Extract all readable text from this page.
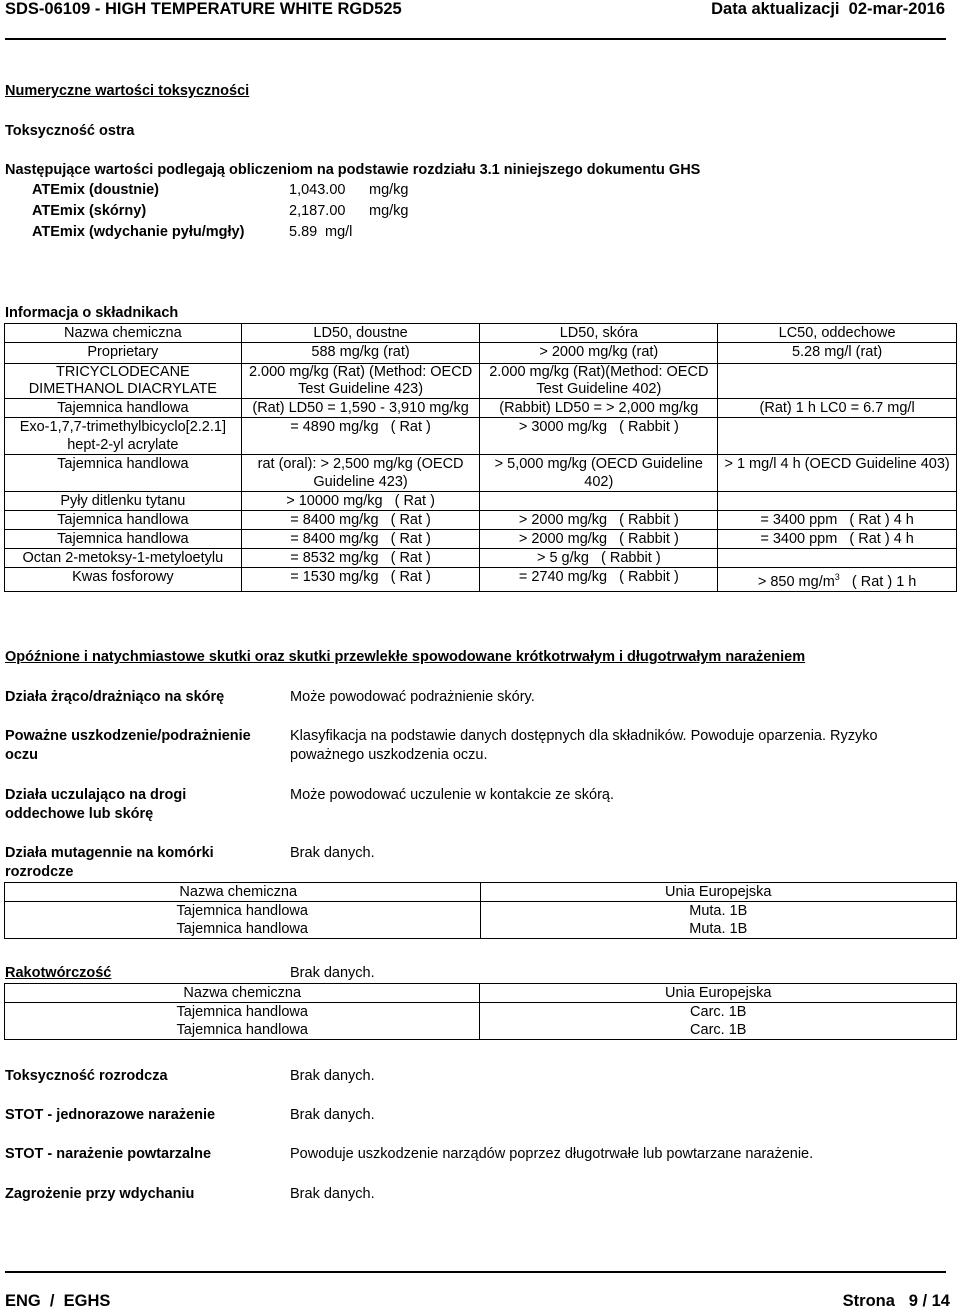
SDS-06109 - HIGH TEMPERATURE WHITE RGD525	Data aktualizacji 02-mar-2016
Numeryczne wartości toksyczności
Toksyczność ostra
Następujące wartości podlegają obliczeniom na podstawie rozdziału 3.1 niniejszego dokumentu GHS
ATEmix (doustnie)	1,043.00	mg/kg
ATEmix (skórny)	2,187.00	mg/kg
ATEmix (wdychanie pyłu/mgły)	5.89	mg/l
Informacja o składnikach
Nazwa chemiczna	LD50, doustne	LD50, skóra	LC50, oddechowe
Proprietary	588 mg/kg (rat)	> 2000 mg/kg (rat)	5.28 mg/l (rat)
TRICYCLODECANE DIMETHANOL DIACRYLATE	2.000 mg/kg (Rat) (Method: OECD Test Guideline 423)	2.000 mg/kg (Rat)(Method: OECD Test Guideline 402)	
Tajemnica handlowa	(Rat) LD50 = 1,590 - 3,910 mg/kg	(Rabbit) LD50 = > 2,000 mg/kg	(Rat) 1 h LC0 = 6.7 mg/l
Exo-1,7,7-trimethylbicyclo[2.2.1] hept-2-yl acrylate	= 4890 mg/kg   ( Rat )	> 3000 mg/kg   ( Rabbit )	
Tajemnica handlowa	rat (oral): > 2,500 mg/kg (OECD Guideline 423)	> 5,000 mg/kg (OECD Guideline 402)	> 1 mg/l 4 h (OECD Guideline 403)
Pyły ditlenku tytanu	> 10000 mg/kg   ( Rat )		
Tajemnica handlowa	= 8400 mg/kg   ( Rat )	> 2000 mg/kg   ( Rabbit )	= 3400 ppm   ( Rat ) 4 h
Tajemnica handlowa	= 8400 mg/kg   ( Rat )	> 2000 mg/kg   ( Rabbit )	= 3400 ppm   ( Rat ) 4 h
Octan 2-metoksy-1-metyloetylu	= 8532 mg/kg   ( Rat )	> 5 g/kg   ( Rabbit )	
Kwas fosforowy	= 1530 mg/kg   ( Rat )	= 2740 mg/kg   ( Rabbit )	> 850 $mg/m^3$   ( Rat ) 1 h
Opóźnione i natychmiastowe skutki oraz skutki przewlekłe spowodowane krótkotrwałym i długotrwałym narażeniem
Działa żrąco/drażniąco na skórę	Może powodować podrażnienie skóry.
Poważne uszkodzenie/podrażnienie oczu
Klasyfikacja na podstawie danych dostępnych dla składników. Powoduje oparzenia. Ryzyko poważnego uszkodzenia oczu.
Działa uczulająco na drogi oddechowe lub skórę
Może powodować uczulenie w kontakcie ze skórą.
Działa mutagennie na komórki rozrodcze
Brak danych.
Nazwa chemiczna	Unia Europejska
Tajemnica handlowa	Muta. 1B
Tajemnica handlowa	Muta. 1B
Rakotwórczość	Brak danych.
Nazwa chemiczna	Unia Europejska
Tajemnica handlowa	Carc. 1B
Tajemnica handlowa	Carc. 1B
Toksyczność rozrodcza	Brak danych.
STOT - jednorazowe narażenie	Brak danych.
STOT - narażenie powtarzalne	Powoduje uszkodzenie narządów poprzez długotrwałe lub powtarzane narażenie.
Zagrożenie przy wdychaniu	Brak danych.
ENG  /  EGHS	Strona 9 / 14
